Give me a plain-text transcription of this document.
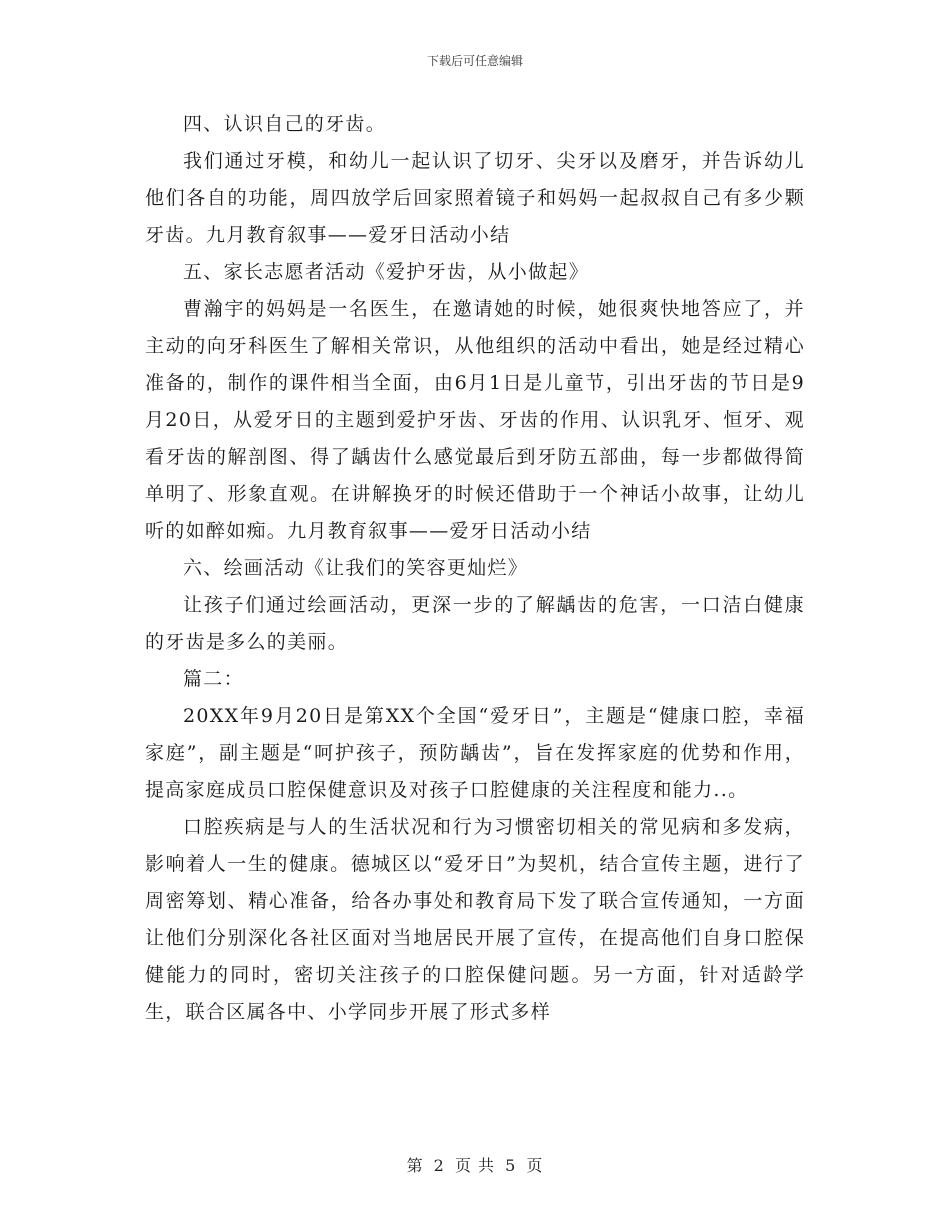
下载后可任意编辑

四、认识自己的牙齿。

我们通过牙模，和幼儿一起认识了切牙、尖牙以及磨牙，并告诉幼儿他们各自的功能，周四放学后回家照着镜子和妈妈一起叔叔自己有多少颗牙齿。九月教育叙事——爱牙日活动小结

五、家长志愿者活动《爱护牙齿，从小做起》

曹瀚宇的妈妈是一名医生，在邀请她的时候，她很爽快地答应了，并主动的向牙科医生了解相关常识，从他组织的活动中看出，她是经过精心准备的，制作的课件相当全面，由6月1日是儿童节，引出牙齿的节日是9月20日，从爱牙日的主题到爱护牙齿、牙齿的作用、认识乳牙、恒牙、观看牙齿的解剖图、得了龋齿什么感觉最后到牙防五部曲，每一步都做得简单明了、形象直观。在讲解换牙的时候还借助于一个神话小故事，让幼儿听的如醉如痴。九月教育叙事——爱牙日活动小结

六、绘画活动《让我们的笑容更灿烂》

让孩子们通过绘画活动，更深一步的了解龋齿的危害，一口洁白健康的牙齿是多么的美丽。

篇二：

20XX年9月20日是第XX个全国“爱牙日”，主题是“健康口腔，幸福家庭”，副主题是“呵护孩子，预防龋齿”，旨在发挥家庭的优势和作用，提高家庭成员口腔保健意识及对孩子口腔健康的关注程度和能力..。

口腔疾病是与人的生活状况和行为习惯密切相关的常见病和多发病，影响着人一生的健康。德城区以“爱牙日”为契机，结合宣传主题，进行了周密筹划、精心准备，给各办事处和教育局下发了联合宣传通知，一方面让他们分别深化各社区面对当地居民开展了宣传，在提高他们自身口腔保健能力的同时，密切关注孩子的口腔保健问题。另一方面，针对适龄学生，联合区属各中、小学同步开展了形式多样

第 2 页 共 5 页
